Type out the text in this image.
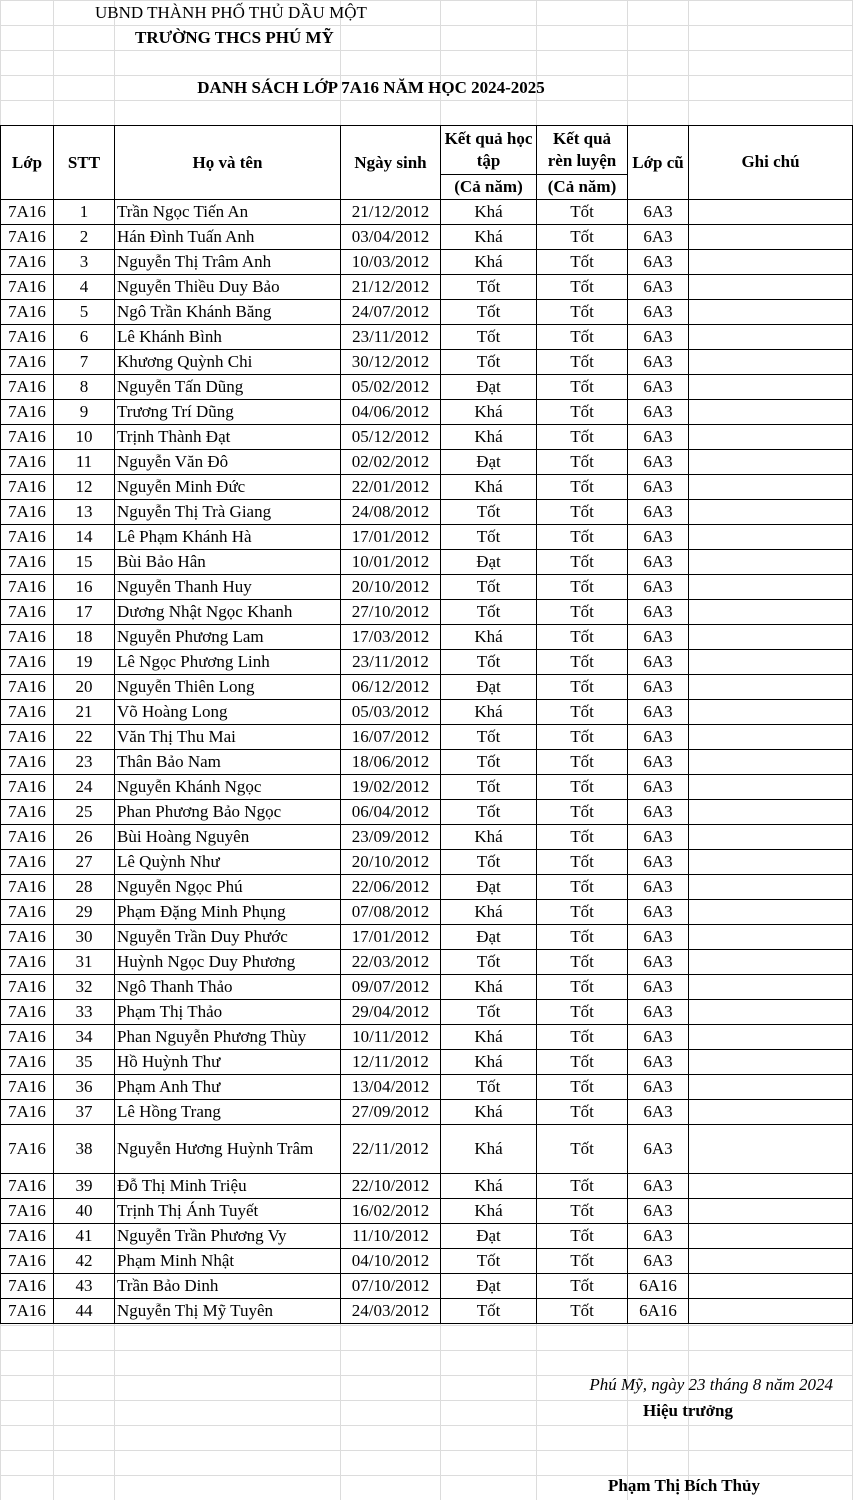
UBND THÀNH PHỐ THỦ DẦU MỘT
TRƯỜNG THCS PHÚ MỸ
DANH SÁCH LỚP 7A16 NĂM HỌC 2024-2025
Lớp	STT	Họ và tên	Ngày sinh	Kết quả học tập	Kết quả rèn luyện	Lớp cũ	Ghi chú
				(Cả năm)	(Cả năm)		
7A16	1	Trần Ngọc Tiến An	21/12/2012	Khá	Tốt	6A3	
7A16	2	Hán Đình Tuấn Anh	03/04/2012	Khá	Tốt	6A3	
7A16	3	Nguyễn Thị Trâm Anh	10/03/2012	Khá	Tốt	6A3	
7A16	4	Nguyễn Thiều Duy Bảo	21/12/2012	Tốt	Tốt	6A3	
7A16	5	Ngô Trần Khánh Băng	24/07/2012	Tốt	Tốt	6A3	
7A16	6	Lê Khánh Bình	23/11/2012	Tốt	Tốt	6A3	
7A16	7	Khương Quỳnh Chi	30/12/2012	Tốt	Tốt	6A3	
7A16	8	Nguyễn Tấn Dũng	05/02/2012	Đạt	Tốt	6A3	
7A16	9	Trương Trí Dũng	04/06/2012	Khá	Tốt	6A3	
7A16	10	Trịnh Thành Đạt	05/12/2012	Khá	Tốt	6A3	
7A16	11	Nguyễn Văn Đô	02/02/2012	Đạt	Tốt	6A3	
7A16	12	Nguyễn Minh Đức	22/01/2012	Khá	Tốt	6A3	
7A16	13	Nguyễn Thị Trà Giang	24/08/2012	Tốt	Tốt	6A3	
7A16	14	Lê Phạm Khánh Hà	17/01/2012	Tốt	Tốt	6A3	
7A16	15	Bùi Bảo Hân	10/01/2012	Đạt	Tốt	6A3	
7A16	16	Nguyễn Thanh Huy	20/10/2012	Tốt	Tốt	6A3	
7A16	17	Dương Nhật Ngọc Khanh	27/10/2012	Tốt	Tốt	6A3	
7A16	18	Nguyễn Phương Lam	17/03/2012	Khá	Tốt	6A3	
7A16	19	Lê Ngọc Phương Linh	23/11/2012	Tốt	Tốt	6A3	
7A16	20	Nguyễn Thiên Long	06/12/2012	Đạt	Tốt	6A3	
7A16	21	Võ Hoàng Long	05/03/2012	Khá	Tốt	6A3	
7A16	22	Văn Thị Thu Mai	16/07/2012	Tốt	Tốt	6A3	
7A16	23	Thân Bảo Nam	18/06/2012	Tốt	Tốt	6A3	
7A16	24	Nguyễn Khánh Ngọc	19/02/2012	Tốt	Tốt	6A3	
7A16	25	Phan Phương Bảo Ngọc	06/04/2012	Tốt	Tốt	6A3	
7A16	26	Bùi Hoàng Nguyên	23/09/2012	Khá	Tốt	6A3	
7A16	27	Lê Quỳnh Như	20/10/2012	Tốt	Tốt	6A3	
7A16	28	Nguyễn Ngọc Phú	22/06/2012	Đạt	Tốt	6A3	
7A16	29	Phạm Đặng Minh Phụng	07/08/2012	Khá	Tốt	6A3	
7A16	30	Nguyễn Trần Duy Phước	17/01/2012	Đạt	Tốt	6A3	
7A16	31	Huỳnh Ngọc Duy Phương	22/03/2012	Tốt	Tốt	6A3	
7A16	32	Ngô Thanh Thảo	09/07/2012	Khá	Tốt	6A3	
7A16	33	Phạm Thị Thảo	29/04/2012	Tốt	Tốt	6A3	
7A16	34	Phan Nguyễn Phương Thùy	10/11/2012	Khá	Tốt	6A3	
7A16	35	Hồ Huỳnh Thư	12/11/2012	Khá	Tốt	6A3	
7A16	36	Phạm Anh Thư	13/04/2012	Tốt	Tốt	6A3	
7A16	37	Lê Hồng Trang	27/09/2012	Khá	Tốt	6A3	
7A16	38	Nguyễn Hương Huỳnh Trâm	22/11/2012	Khá	Tốt	6A3	
7A16	39	Đỗ Thị Minh Triệu	22/10/2012	Khá	Tốt	6A3	
7A16	40	Trịnh Thị Ánh Tuyết	16/02/2012	Khá	Tốt	6A3	
7A16	41	Nguyễn Trần Phương Vy	11/10/2012	Đạt	Tốt	6A3	
7A16	42	Phạm Minh Nhật	04/10/2012	Tốt	Tốt	6A3	
7A16	43	Trần Bảo Dinh	07/10/2012	Đạt	Tốt	6A16	
7A16	44	Nguyễn Thị Mỹ Tuyên	24/03/2012	Tốt	Tốt	6A16	
Phú Mỹ, ngày 23 tháng 8 năm 2024
Hiệu trưởng
Phạm Thị Bích Thủy
